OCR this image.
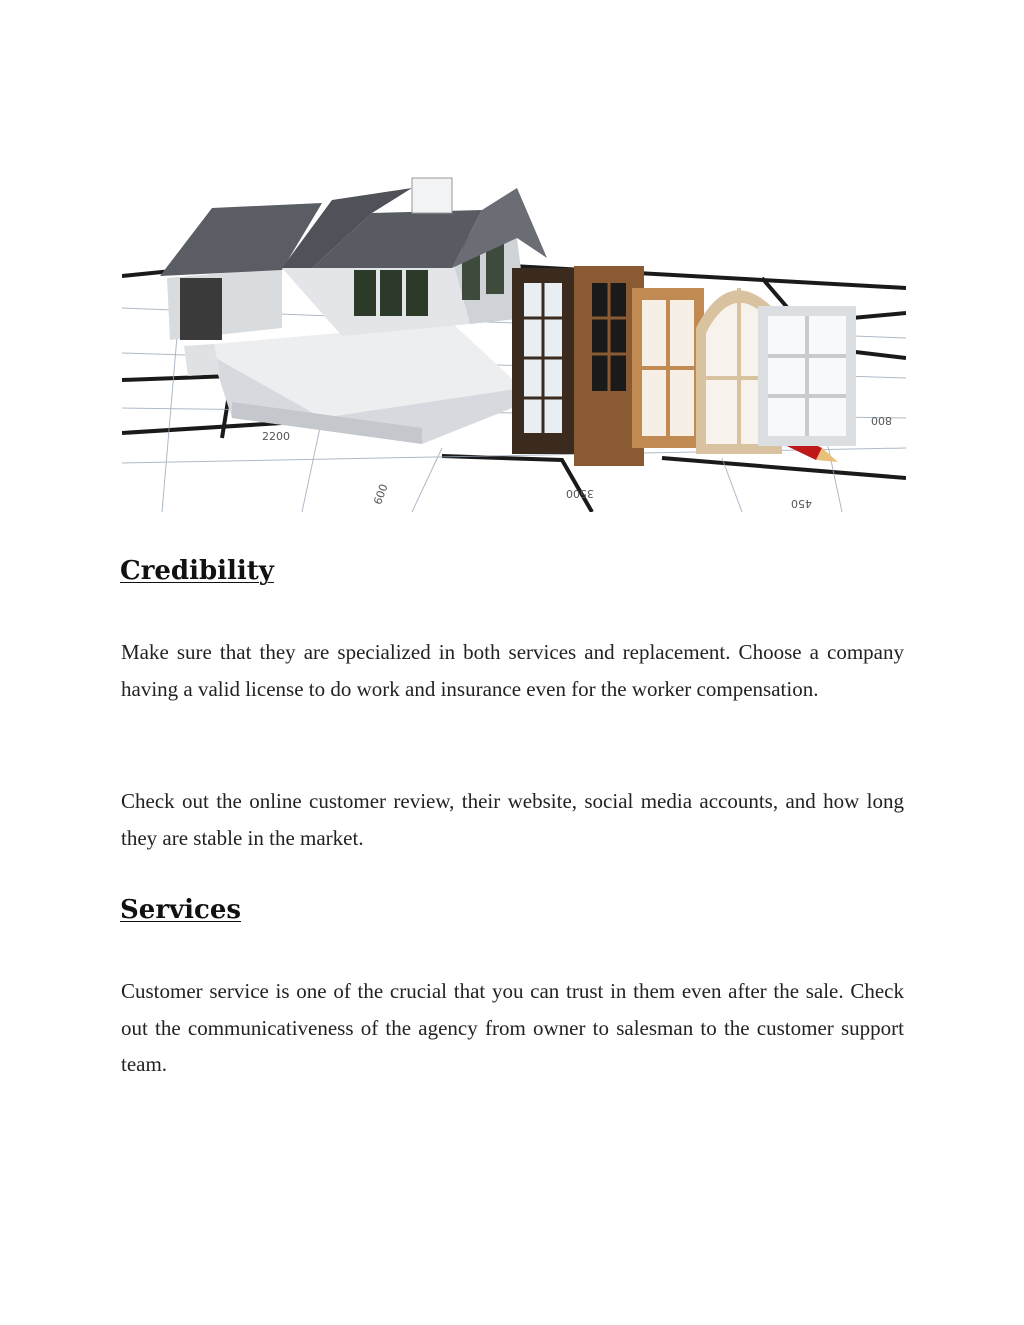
3500
450
2200
600
800
Credibility

Make sure that they are specialized in both services and replacement. Choose a company having a valid license to do work and insurance even for the worker compensation.

Check out the online customer review, their website, social media accounts, and how long they are stable in the market.

Services

Customer service is one of the crucial that you can trust in them even after the sale. Check out the communicativeness of the agency from owner to salesman to the customer support team.
